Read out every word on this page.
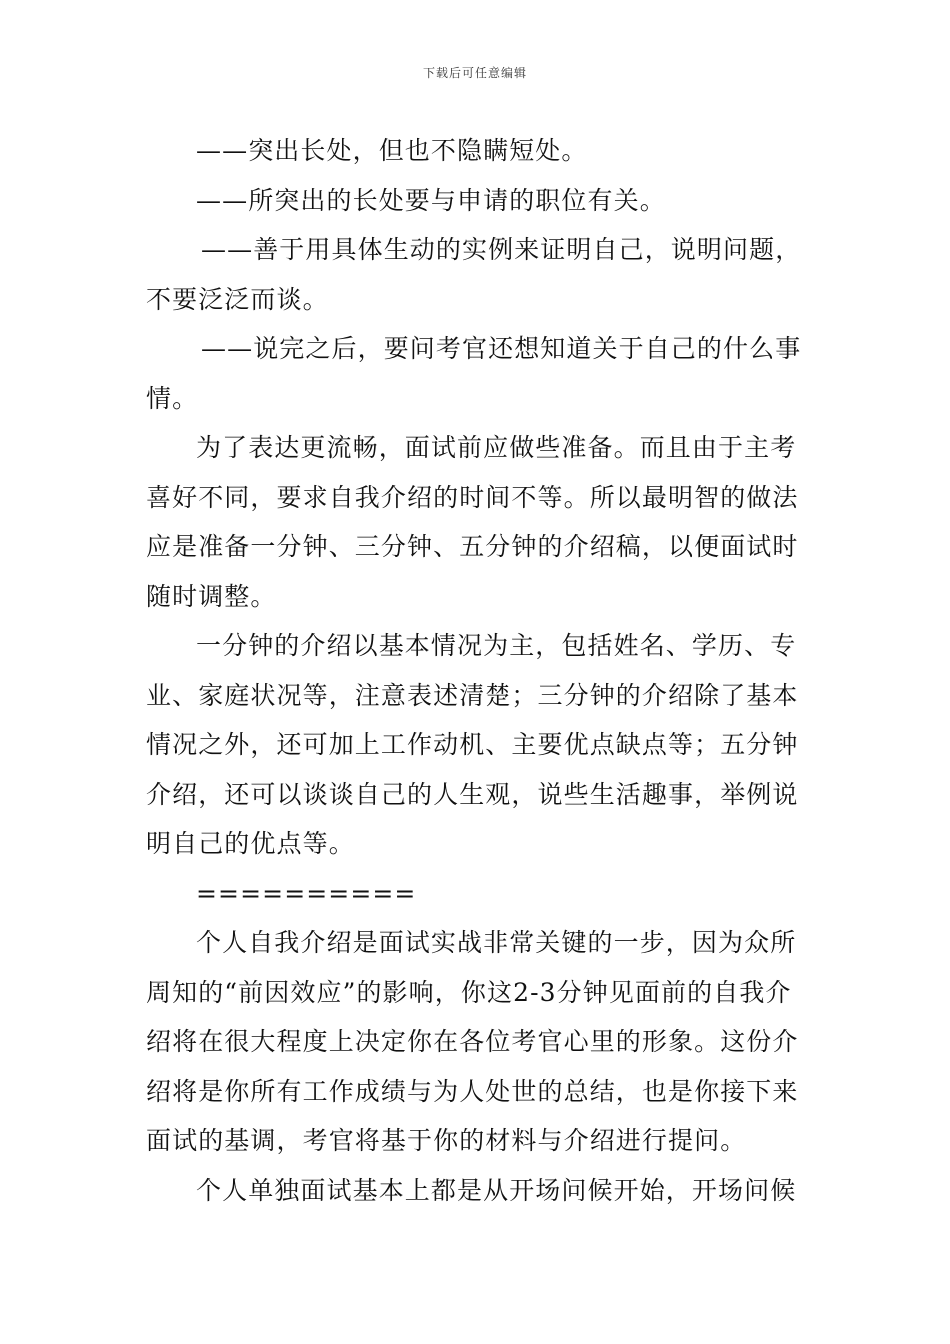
下载后可任意编辑

——突出长处，但也不隐瞒短处。

——所突出的长处要与申请的职位有关。

——善于用具体生动的实例来证明自己，说明问题，不要泛泛而谈。

——说完之后，要问考官还想知道关于自己的什么事情。

为了表达更流畅，面试前应做些准备。而且由于主考喜好不同，要求自我介绍的时间不等。所以最明智的做法应是准备一分钟、三分钟、五分钟的介绍稿，以便面试时随时调整。

一分钟的介绍以基本情况为主，包括姓名、学历、专业、家庭状况等，注意表述清楚；三分钟的介绍除了基本情况之外，还可加上工作动机、主要优点缺点等；五分钟介绍，还可以谈谈自己的人生观，说些生活趣事，举例说明自己的优点等。

==========

个人自我介绍是面试实战非常关键的一步，因为众所周知的“前因效应”的影响，你这2-3分钟见面前的自我介绍将在很大程度上决定你在各位考官心里的形象。这份介绍将是你所有工作成绩与为人处世的总结，也是你接下来面试的基调，考官将基于你的材料与介绍进行提问。

个人单独面试基本上都是从开场问候开始，开场问候
